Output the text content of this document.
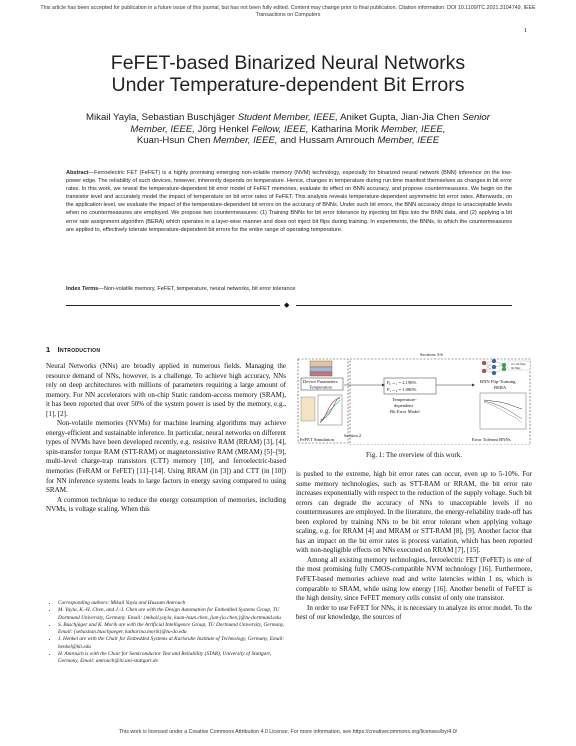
This article has been accepted for publication in a future issue of this journal, but has not been fully edited. Content may change prior to final publication. Citation information: DOI 10.1109/TC.2021.3104749, IEEE
Transactions on Computers
1
FeFET-based Binarized Neural Networks
Under Temperature-dependent Bit Errors
Mikail Yayla, Sebastian Buschjäger Student Member, IEEE, Aniket Gupta, Jian-Jia Chen Senior
Member, IEEE, Jörg Henkel Fellow, IEEE, Katharina Morik Member, IEEE,
Kuan-Hsun Chen Member, IEEE, and Hussam Amrouch Member, IEEE
Abstract—Ferroelectric FET (FeFET) is a highly promising emerging non-volatile memory (NVM) technology, especially for binarized neural network (BNN) inference on the low-power edge. The reliability of such devices, however, inherently depends on temperature. Hence, changes in temperature during run time manifest themselves as changes in bit error rates. In this work, we reveal the temperature-dependent bit error model of FeFET memories, evaluate its effect on BNN accuracy, and propose countermeasures. We begin on the transistor level and accurately model the impact of temperature on bit error rates of FeFET. This analysis reveals temperature-dependent asymmetric bit error rates. Afterwards, on the application level, we evaluate the impact of the temperature-dependent bit errors on the accuracy of BNNs. Under such bit errors, the BNN accuracy drops to unacceptable levels when no countermeasures are employed. We propose two countermeasures: (1) Training BNNs for bit error tolerance by injecting bit flips into the BNN data, and (2) applying a bit error rate assignment algorithm (BERA) which operates in a layer-wise manner and does not inject bit flips during training. In experiments, the BNNs, to which the countermeasures are applied to, effectively tolerate temperature-dependent bit errors for the entire range of operating temperature.
Index Terms—Non-volatile memory, FeFET, temperature, neural networks, bit error tolerance
◆
1 Introduction

Neural Networks (NNs) are broadly applied in numerous fields. Managing the resource demand of NNs, however, is a challenge. To achieve high accuracy, NNs rely on deep architectures with millions of parameters requiring a large amount of memory. For NN accelerators with on-chip Static random-access memory (SRAM), it has been reported that over 50% of the system power is used by the memory, e.g., [1], [2].

Non-volatile memories (NVMs) for machine learning algorithms may achieve energy-efficient and sustainable inference. In particular, neural networks on different types of NVMs have been developed recently, e.g. resistive RAM (RRAM) [3], [4], spin-transfer torque RAM (STT-RAM) or magnetoresistive RAM (MRAM) [5]–[9], multi-level charge-trap transistors (CTT) memory [10], and ferroelectric-based memories (FeRAM or FeFET) [11]–[14]. Using RRAM (in [3]) and CTT (in [10]) for NN inference systems leads to large factors in energy saving compared to using SRAM.

A common technique to reduce the energy consumption of memories, including NVMs, is voltage scaling. When this

• Corresponding authors: Mikail Yayla and Hussam Amrouch
• M. Yayla, K.-H. Chen, and J.-J. Chen are with the Design Automation for Embedded Systems Group, TU Dortmund University, Germany. Email: {mikail.yayla, kuan-hsun.chen, jian-jia.chen,}@tu-dortmund.edu
• S. Buschjäger and K. Morik are with the Artificial Intelligence Group, TU Dortmund University, Germany, Email: {sebastian.buschjaeger, katharina.morik}@tu-do.edu
• J. Henkel are with the Chair for Embedded Systems at Karlsruhe Institute of Technology, Germany, Email: henkel@kit.edu
• H. Amrouch is with the Chair for Semiconductor Test and Reliability (STAR), University of Stuttgart, Germany, Email: amrouch@iti.uni-stuttgart.de.
Sections 3-6
Section 2
Device Parameters
Temperature
FeFET Simulation
P₀→₁ = 2.198%
P₁→₀ = 1.080%
Temperature-
dependent
Bit Error Model
w/o bit flips
bit flips
BNN Flip-Training
BERA
Error Tolerant BNNs
Fig. 1: The overview of this work.

is pushed to the extreme, high bit error rates can occur, even up to 5-10%. For some memory technologies, such as STT-RAM or RRAM, the bit error rate increases exponentially with respect to the reduction of the supply voltage. Such bit errors can degrade the accuracy of NNs to unacceptable levels if no countermeasures are employed. In the literature, the energy-reliability trade-off has been explored by training NNs to be bit error tolerant when applying voltage scaling, e.g. for RRAM [4] and MRAM or STT-RAM [8], [9]. Another factor that has an impact on the bit error rates is process variation, which has been reported with non-negligible effects on NNs executed on RRAM [7], [15].

Among all existing memory technologies, ferroelectric FET (FeFET) is one of the most promising fully CMOS-compatible NVM technology [16]. Furthermore, FeFET-based memories achieve read and write latencies within 1 ns, which is comparable to SRAM, while using low energy [16]. Another benefit of FeFET is the high density, since FeFET memory cells consist of only one transistor.

In order to use FeFET for NNs, it is necessary to analyze its error model. To the best of our knowledge, the sources of

This work is licensed under a Creative Commons Attribution 4.0 License. For more information, see https://creativecommons.org/licenses/by/4.0/
